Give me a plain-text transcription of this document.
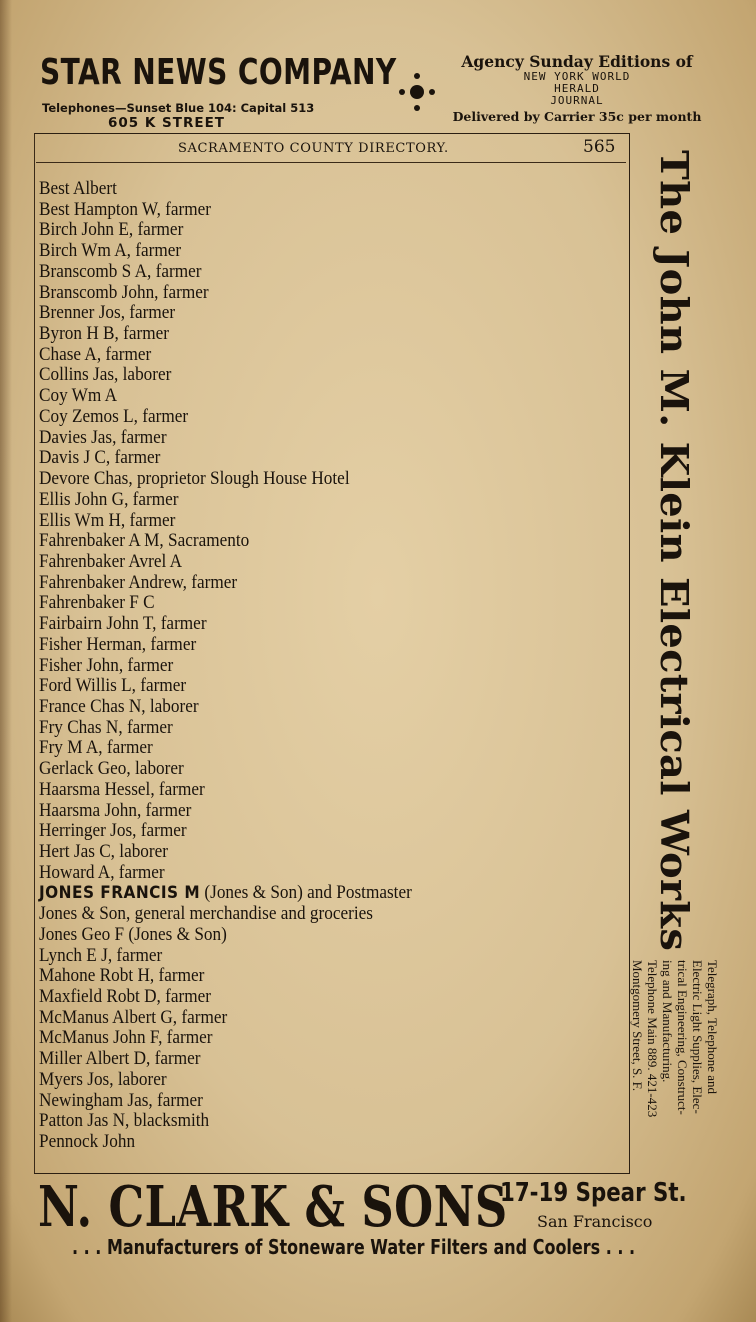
STAR NEWS COMPANY
Telephones—Sunset Blue 104: Capital 513
605 K STREET
Agency Sunday Editions of
NEW YORK WORLD
HERALD
JOURNAL
Delivered by Carrier 35c per month
SACRAMENTO COUNTY DIRECTORY.	565
Best Albert
Best Hampton W, farmer
Birch John E, farmer
Birch Wm A, farmer
Branscomb S A, farmer
Branscomb John, farmer
Brenner Jos, farmer
Byron H B, farmer
Chase A, farmer
Collins Jas, laborer
Coy Wm A
Coy Zemos L, farmer
Davies Jas, farmer
Davis J C, farmer
Devore Chas, proprietor Slough House Hotel
Ellis John G, farmer
Ellis Wm H, farmer
Fahrenbaker A M, Sacramento
Fahrenbaker Avrel A
Fahrenbaker Andrew, farmer
Fahrenbaker F C
Fairbairn John T, farmer
Fisher Herman, farmer
Fisher John, farmer
Ford Willis L, farmer
France Chas N, laborer
Fry Chas N, farmer
Fry M A, farmer
Gerlack Geo, laborer
Haarsma Hessel, farmer
Haarsma John, farmer
Herringer Jos, farmer
Hert Jas C, laborer
Howard A, farmer
JONES FRANCIS M (Jones & Son) and Postmaster
Jones & Son, general merchandise and groceries
Jones Geo F (Jones & Son)
Lynch E J, farmer
Mahone Robt H, farmer
Maxfield Robt D, farmer
McManus Albert G, farmer
McManus John F, farmer
Miller Albert D, farmer
Myers Jos, laborer
Newingham Jas, farmer
Patton Jas N, blacksmith
Pennock John
The John M. Klein Electrical Works
Telegraph, Telephone and
Electric Light Supplies, Elec-
trical Engineering, Construct-
ing and Manufacturing.
Telephone Main 889. 421-423
Montgomery Street, S. F.
N. CLARK & SONS
17-19 Spear St.
San Francisco
. . . Manufacturers of Stoneware Water Filters and Coolers . . .
